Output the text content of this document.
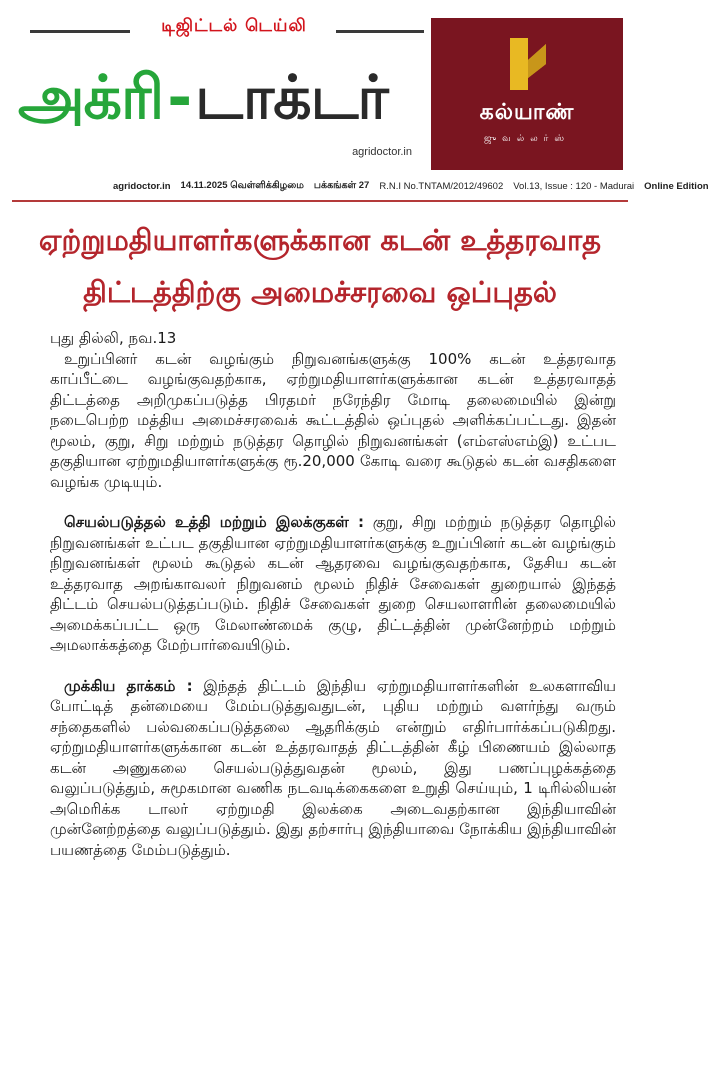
டிஜிட்டல் டெய்லி
அக்ரி - டாக்டர்
agridoctor.in
கல்யாண்
ஜுவல்லர்ஸ்
agridoctor.in	14.11.2025 வெள்ளிக்கிழமை	பக்கங்கள் 27	R.N.I No.TNTAM/2012/49602	Vol.13, Issue : 120 - Madurai	Online Edition
ஏற்றுமதியாளர்களுக்கான கடன் உத்தரவாத
திட்டத்திற்கு அமைச்சரவை ஒப்புதல்

புது தில்லி, நவ.13

உறுப்பினர் கடன் வழங்கும் நிறுவனங்களுக்கு 100% கடன் உத்தரவாத காப்பீட்டை வழங்குவதற்காக, ஏற்றுமதியாளர்களுக்கான கடன் உத்தரவாதத் திட்டத்தை அறிமுகப்படுத்த பிரதமர் நரேந்திர மோடி தலைமையில் இன்று நடைபெற்ற மத்திய அமைச்சரவைக் கூட்டத்தில் ஒப்புதல் அளிக்கப்பட்டது. இதன் மூலம், குறு, சிறு மற்றும் நடுத்தர தொழில் நிறுவனங்கள் (எம்எஸ்எம்இ) உட்பட தகுதியான ஏற்றுமதியாளர்களுக்கு ரூ.20,000 கோடி வரை கூடுதல் கடன் வசதிகளை வழங்க முடியும்.

செயல்படுத்தல் உத்தி மற்றும் இலக்குகள் : குறு, சிறு மற்றும் நடுத்தர தொழில் நிறுவனங்கள் உட்பட தகுதியான ஏற்றுமதியாளர்களுக்கு உறுப்பினர் கடன் வழங்கும் நிறுவனங்கள் மூலம் கூடுதல் கடன் ஆதரவை வழங்குவதற்காக, தேசிய கடன் உத்தரவாத அறங்காவலர் நிறுவனம் மூலம் நிதிச் சேவைகள் துறையால் இந்தத் திட்டம் செயல்படுத்தப்படும். நிதிச் சேவைகள் துறை செயலாளரின் தலைமையில் அமைக்கப்பட்ட ஒரு மேலாண்மைக் குழு, திட்டத்தின் முன்னேற்றம் மற்றும் அமலாக்கத்தை மேற்பார்வையிடும்.

முக்கிய தாக்கம் : இந்தத் திட்டம் இந்திய ஏற்றுமதியாளர்களின் உலகளாவிய போட்டித் தன்மையை மேம்படுத்துவதுடன், புதிய மற்றும் வளர்ந்து வரும் சந்தைகளில் பல்வகைப்படுத்தலை ஆதரிக்கும் என்றும் எதிர்பார்க்கப்படுகிறது. ஏற்றுமதியாளர்களுக்கான கடன் உத்தரவாதத் திட்டத்தின் கீழ் பிணையம் இல்லாத கடன் அணுகலை செயல்படுத்துவதன் மூலம், இது பணப்புழக்கத்தை வலுப்படுத்தும், சுமூகமான வணிக நடவடிக்கைகளை உறுதி செய்யும், 1 டிரில்லியன் அமெரிக்க டாலர் ஏற்றுமதி இலக்கை அடைவதற்கான இந்தியாவின் முன்னேற்றத்தை வலுப்படுத்தும். இது தற்சார்பு இந்தியாவை நோக்கிய இந்தியாவின் பயணத்தை மேம்படுத்தும்.
